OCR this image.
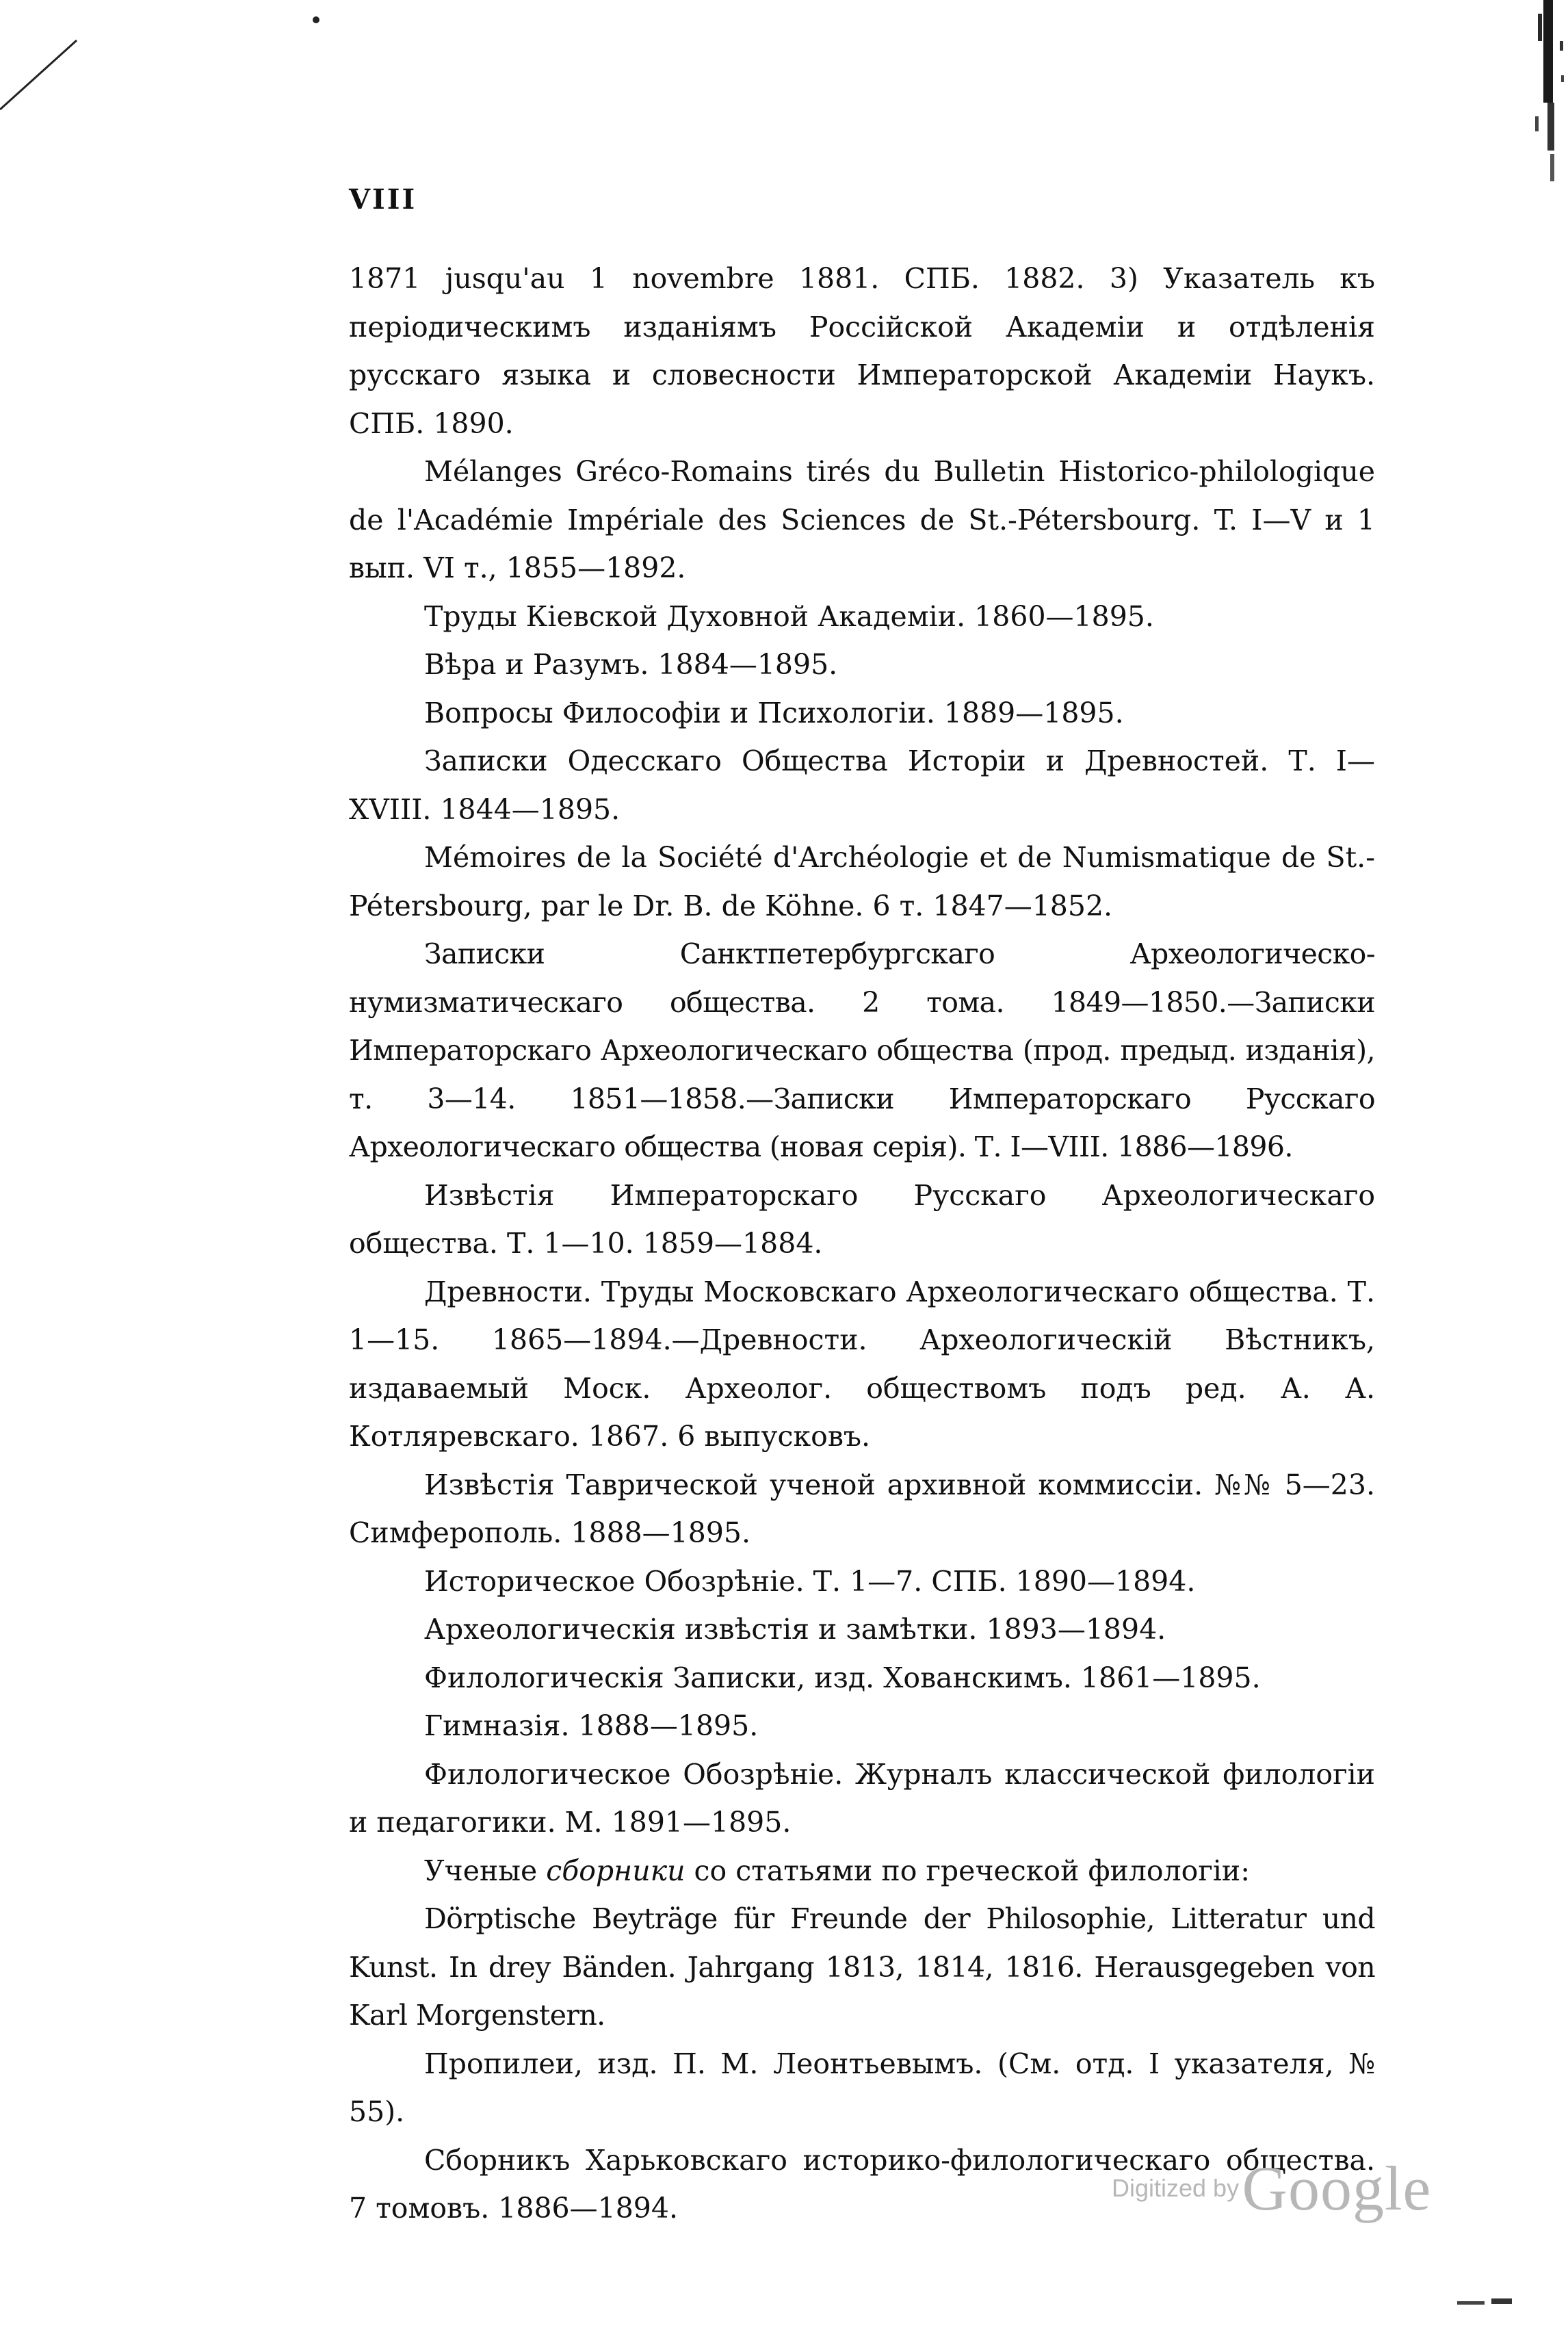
VIII

1871 jusqu'au 1 novembre 1881. СПБ. 1882. 3) Указатель къ періодическимъ изданіямъ Россійской Академіи и отдѣленія русскаго языка и словесности Императорской Академіи Наукъ. СПБ. 1890.

Mélanges Gréco-Romains tirés du Bulletin Historico-philologique de l'Académie Impériale des Sciences de St.-Pétersbourg. T. I—V и 1 вып. VI т., 1855—1892.

Труды Кіевской Духовной Академіи. 1860—1895.

Вѣра и Разумъ. 1884—1895.

Вопросы Философіи и Психологіи. 1889—1895.

Записки Одесскаго Общества Исторіи и Древностей. Т. I—XVIII. 1844—1895.

Mémoires de la Société d'Archéologie et de Numismatique de St.-Pétersbourg, par le Dr. B. de Köhne. 6 т. 1847—1852.

Записки Санктпетербургскаго Археологическо-нумизматическаго общества. 2 тома. 1849—1850.—Записки Императорскаго Археологическаго общества (прод. предыд. изданія), т. 3—14. 1851—1858.—Записки Императорскаго Русскаго Археологическаго общества (новая серія). Т. I—VIII. 1886—1896.

Извѣстія Императорскаго Русскаго Археологическаго общества. Т. 1—10. 1859—1884.

Древности. Труды Московскаго Археологическаго общества. Т. 1—15. 1865—1894.—Древности. Археологическій Вѣстникъ, издаваемый Моск. Археолог. обществомъ подъ ред. А. А. Котляревскаго. 1867. 6 выпусковъ.

Извѣстія Таврической ученой архивной коммиссіи. №№ 5—23. Симферополь. 1888—1895.

Историческое Обозрѣніе. Т. 1—7. СПБ. 1890—1894.

Археологическія извѣстія и замѣтки. 1893—1894.

Филологическія Записки, изд. Хованскимъ. 1861—1895.

Гимназія. 1888—1895.

Филологическое Обозрѣніе. Журналъ классической филологіи и педагогики. М. 1891—1895.

Ученые сборники со статьями по греческой филологіи:

Dörptische Beyträge für Freunde der Philosophie, Litteratur und Kunst. In drey Bänden. Jahrgang 1813, 1814, 1816. Herausgegeben von Karl Morgenstern.

Пропилеи, изд. П. М. Леонтьевымъ. (См. отд. I указателя, № 55).

Сборникъ Харьковскаго историко-филологическаго общества. 7 томовъ. 1886—1894.

Digitized by Google
